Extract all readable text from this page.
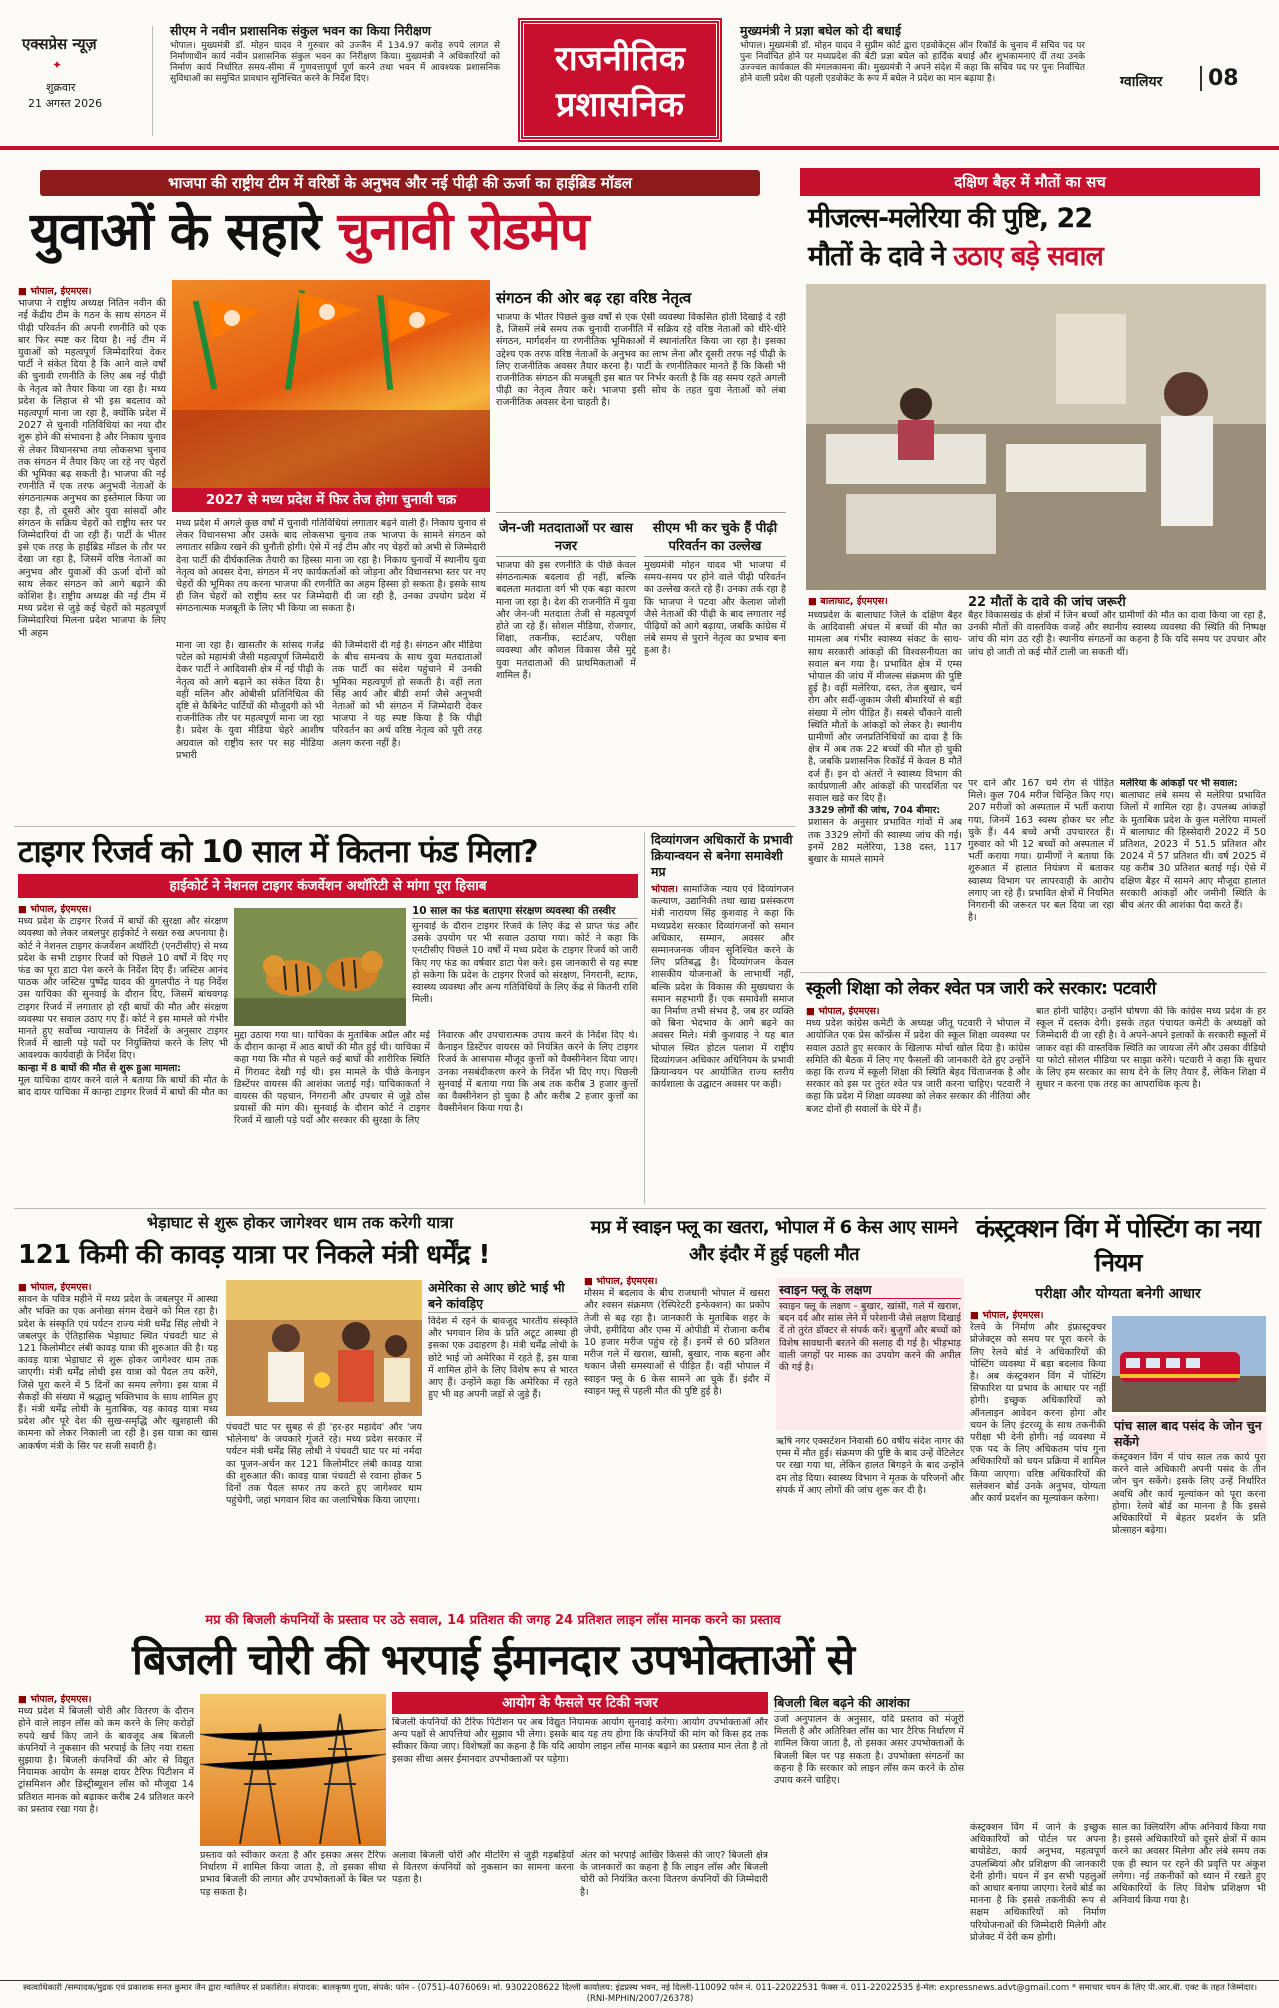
एक्सप्रेस न्यूज़
✦
शुक्रवार
21 अगस्त 2026
सीएम ने नवीन प्रशासनिक संकुल भवन का किया निरीक्षण
भोपाल। मुख्यमंत्री डॉ. मोहन यादव ने गुरुवार को उज्जैन में 134.97 करोड़ रुपये लागत से निर्माणाधीन कार्य नवीन प्रशासनिक संकुल भवन का निरीक्षण किया। मुख्यमंत्री ने अधिकारियों को निर्माण कार्य निर्धारित समय-सीमा में गुणवत्तापूर्ण पूर्ण करने तथा भवन में आवश्यक प्रशासनिक सुविधाओं का समुचित प्रावधान सुनिश्चित करने के निर्देश दिए।	राजनीतिक
प्रशासनिक
मुख्यमंत्री ने प्रज्ञा बघेल को दी बधाई
भोपाल। मुख्यमंत्री डॉ. मोहन यादव ने सुप्रीम कोर्ट द्वारा एडवोकेट्स ऑन रिकॉर्ड के चुनाव में सचिव पद पर पुनः निर्वाचित होने पर मध्यप्रदेश की बेटी प्रज्ञा बघेल को हार्दिक बधाई और शुभकामनाएं दीं तथा उनके उज्ज्वल कार्यकाल की मंगलकामना की। मुख्यमंत्री ने अपने संदेश में कहा कि सचिव पद पर पुनः निर्वाचित होने वाली प्रदेश की पहली एडवोकेट के रूप में बघेल ने प्रदेश का मान बढ़ाया है।	ग्वालियर	08
भाजपा की राष्ट्रीय टीम में वरिष्ठों के अनुभव और नई पीढ़ी की ऊर्जा का हाईब्रिड मॉडल
युवाओं के सहारे चुनावी रोडमेप
■ भोपाल, ईएमएस।
भाजपा ने राष्ट्रीय अध्यक्ष नितिन नवीन की नई केंद्रीय टीम के गठन के साथ संगठन में पीढ़ी परिवर्तन की अपनी रणनीति को एक बार फिर स्पष्ट कर दिया है। नई टीम में युवाओं को महत्वपूर्ण जिम्मेदारियां देकर पार्टी ने संकेत दिया है कि आने वाले वर्षों की चुनावी रणनीति के लिए अब नई पीढ़ी के नेतृत्व को तैयार किया जा रहा है। मध्य प्रदेश के लिहाज से भी इस बदलाव को महत्वपूर्ण माना जा रहा है, क्योंकि प्रदेश में 2027 से चुनावी गतिविधियां का नया दौर शुरू होने की संभावना है और निकाय चुनाव से लेकर विधानसभा तथा लोकसभा चुनाव तक संगठन में तैयार किए जा रहे नए चेहरों की भूमिका बढ़ सकती है। भाजपा की नई रणनीति में एक तरफ अनुभवी नेताओं के संगठनात्मक अनुभव का इस्तेमाल किया जा रहा है, तो दूसरी ओर युवा सांसदों और संगठन के सक्रिय चेहरों को राष्ट्रीय स्तर पर जिम्मेदारियां दी जा रही हैं। पार्टी के भीतर इसे एक तरह के हाईब्रिड मॉडल के तौर पर देखा जा रहा है, जिसमें वरिष्ठ नेताओं का अनुभव और युवाओं की ऊर्जा दोनों को साथ लेकर संगठन को आगे बढ़ाने की कोशिश है। राष्ट्रीय अध्यक्ष की नई टीम में मध्य प्रदेश से जुड़े कई चेहरों को महत्वपूर्ण जिम्मेदारियां मिलना प्रदेश भाजपा के लिए भी अहम
2027 से मध्य प्रदेश में फिर तेज होगा चुनावी चक्र
मध्य प्रदेश में अगले कुछ वर्षों में चुनावी गतिविधियां लगातार बढ़ने वाली हैं। निकाय चुनाव से लेकर विधानसभा और उसके बाद लोकसभा चुनाव तक भाजपा के सामने संगठन को लगातार सक्रिय रखने की चुनौती होगी। ऐसे में नई टीम और नए चेहरों को अभी से जिम्मेदारी देना पार्टी की दीर्घकालिक तैयारी का हिस्सा माना जा रहा है। निकाय चुनावों में स्थानीय युवा नेतृत्व को अवसर देना, संगठन में नए कार्यकर्ताओं को जोड़ना और विधानसभा स्तर पर नए चेहरों की भूमिका तय करना भाजपा की रणनीति का अहम हिस्सा हो सकता है। इसके साथ ही जिन चेहरों को राष्ट्रीय स्तर पर जिम्मेदारी दी जा रही है, उनका उपयोग प्रदेश में संगठनात्मक मजबूती के लिए भी किया जा सकता है।
माना जा रहा है। खासतौर के सांसद गजेंद्र पटेल को महामंत्री जैसी महत्वपूर्ण जिम्मेदारी देकर पार्टी ने आदिवासी क्षेत्र में नई पीढ़ी के नेतृत्व को आगे बढ़ाने का संकेत दिया है। वहीं मलिन और ओबीसी प्रतिनिधित्व की दृष्टि से कैबिनेट पार्टियों की मौजूदगी को भी राजनीतिक तौर पर महत्वपूर्ण माना जा रहा है। प्रदेश के युवा मीडिया चेहरे आशीष अग्रवाल को राष्ट्रीय स्तर पर सह मीडिया प्रभारी
की जिम्मेदारी दी गई है। संगठन और मीडिया के बीच समन्वय के साथ युवा मतदाताओं तक पार्टी का संदेश पहुंचाने में उनकी भूमिका महत्वपूर्ण हो सकती है। वहीं लता सिंह आर्य और बीडी शर्मा जैसे अनुभवी नेताओं को भी संगठन में जिम्मेदारी देकर भाजपा ने यह स्पष्ट किया है कि पीढ़ी परिवर्तन का अर्थ वरिष्ठ नेतृत्व को पूरी तरह अलग करना नहीं है।
संगठन की ओर बढ़ रहा वरिष्ठ नेतृत्व
भाजपा के भीतर पिछले कुछ वर्षों से एक ऐसी व्यवस्था विकसित होती दिखाई दे रही है, जिसमें लंबे समय तक चुनावी राजनीति में सक्रिय रहे वरिष्ठ नेताओं को धीरे-धीरे संगठन, मार्गदर्शन या रणनीतिक भूमिकाओं में स्थानांतरित किया जा रहा है। इसका उद्देश्य एक तरफ वरिष्ठ नेताओं के अनुभव का लाभ लेना और दूसरी तरफ नई पीढ़ी के लिए राजनीतिक अवसर तैयार करना है। पार्टी के रणनीतिकार मानते हैं कि किसी भी राजनीतिक संगठन की मजबूती इस बात पर निर्भर करती है कि वह समय रहते अगली पीढ़ी का नेतृत्व तैयार करे। भाजपा इसी सोच के तहत युवा नेताओं को लंबा राजनीतिक अवसर देना चाहती है।
जेन-जी मतदाताओं पर खास नजर
भाजपा की इस रणनीति के पीछे केवल संगठनात्मक बदलाव ही नहीं, बल्कि बदलता मतदाता वर्ग भी एक बड़ा कारण माना जा रहा है। देश की राजनीति में युवा और जेन-जी मतदाता तेजी से महत्वपूर्ण होते जा रहे हैं। सोशल मीडिया, रोजगार, शिक्षा, तकनीक, स्टार्टअप, परीक्षा व्यवस्था और कौशल विकास जैसे मुद्दे युवा मतदाताओं की प्राथमिकताओं में शामिल हैं।
सीएम भी कर चुके हैं पीढ़ी परिवर्तन का उल्लेख
मुख्यमंत्री मोहन यादव भी भाजपा में समय-समय पर होने वाले पीढ़ी परिवर्तन का उल्लेख करते रहे हैं। उनका तर्क रहा है कि भाजपा ने पटवा और केलाश जोशी जैसे नेताओं की पीढ़ी के बाद लगातार नई पीढ़ियों को आगे बढ़ाया, जबकि कांग्रेस में लंबे समय से पुराने नेतृत्व का प्रभाव बना हुआ है।
दक्षिण बैहर में मौतों का सच
मीजल्स-मलेरिया की पुष्टि, 22
मौतों के दावे ने उठाए बड़े सवाल
■ बालाघाट, ईएमएस।	22 मौतों के दावे की जांच जरूरी
बैहर विकासखंड के क्षेत्रों में जिन बच्चों और ग्रामीणों की मौत का दावा किया जा रहा है, उनकी मौतों की वास्तविक वजहें और स्थानीय स्वास्थ्य व्यवस्था की स्थिति की निष्पक्ष जांच की मांग उठ रही है। स्थानीय संगठनों का कहना है कि यदि समय पर उपचार और जांच हो जाती तो कई मौतें टाली जा सकती थीं।
मध्यप्रदेश के बालाघाट जिले के दक्षिण बैहर के आदिवासी अंचल में बच्चों की मौत का मामला अब गंभीर स्वास्थ्य संकट के साथ-साथ सरकारी आंकड़ों की विश्वसनीयता का सवाल बन गया है। प्रभावित क्षेत्र में एम्स भोपाल की जांच में मीजल्स संक्रमण की पुष्टि हुई है। वहीं मलेरिया, दस्त, तेज बुखार, चर्म रोग और सर्दी-जुकाम जैसी बीमारियों से बड़ी संख्या में लोग पीड़ित हैं। सबसे चौंकाने वाली स्थिति मौतों के आंकड़ों को लेकर है। स्थानीय ग्रामीणों और जनप्रतिनिधियों का दावा है कि क्षेत्र में अब तक 22 बच्चों की मौत हो चुकी है, जबकि प्रशासनिक रिकॉर्ड में केवल 8 मौतें दर्ज हैं। इन दो अंतरों ने स्वास्थ्य विभाग की कार्यप्रणाली और आंकड़ों की पारदर्शिता पर सवाल खड़े कर दिए हैं।
3329 लोगों की जांच, 704 बीमार:
प्रशासन के अनुसार प्रभावित गांवों में अब तक 3329 लोगों की स्वास्थ्य जांच की गई। इनमें 282 मलेरिया, 138 दस्त, 117 बुखार के मामले सामने
पर दाने और 167 चर्म रोग से पीड़ित मिले। कुल 704 मरीज चिन्हित किए गए। 207 मरीजों को अस्पताल में भर्ती कराया गया, जिनमें 163 स्वस्थ होकर घर लौट चुके हैं। 44 बच्चे अभी उपचाररत हैं। गुरुवार को भी 12 बच्चों को अस्पताल में भर्ती कराया गया। ग्रामीणों ने बताया कि शुरुआत में हालात नियंत्रण में बताकर स्वास्थ्य विभाग पर लापरवाही के आरोप लगाए जा रहे हैं। प्रभावित क्षेत्रों में नियमित निगरानी की जरूरत पर बल दिया जा रहा है।
मलेरिया के आंकड़ों पर भी सवाल:
बालाघाट लंबे समय से मलेरिया प्रभावित जिलों में शामिल रहा है। उपलब्ध आंकड़ों के मुताबिक प्रदेश के कुल मलेरिया मामलों में बालाघाट की हिस्सेदारी 2022 में 50 प्रतिशत, 2023 में 51.5 प्रतिशत और 2024 में 57 प्रतिशत थी। वर्ष 2025 में यह करीब 30 प्रतिशत बताई गई। ऐसे में दक्षिण बैहर में सामने आए मौजूदा हालात सरकारी आंकड़ों और जमीनी स्थिति के बीच अंतर की आशंका पैदा करते हैं।
टाइगर रिजर्व को 10 साल में कितना फंड मिला?
हाईकोर्ट ने नेशनल टाइगर कंजर्वेशन अथॉरिटी से मांगा पूरा हिसाब
■ भोपाल, ईएमएस।
मध्य प्रदेश के टाइगर रिजर्व में बाघों की सुरक्षा और संरक्षण व्यवस्था को लेकर जबलपुर हाईकोर्ट ने सख्त रुख अपनाया है। कोर्ट ने नेशनल टाइगर कंजर्वेशन अथॉरिटी (एनटीसीए) से मध्य प्रदेश के सभी टाइगर रिजर्व को पिछले 10 वर्षों में दिए गए फंड का पूरा डाटा पेश करने के निर्देश दिए हैं। जस्टिस आनंद पाठक और जस्टिस पुष्पेंद्र यादव की युगलपीठ ने यह निर्देश उस याचिका की सुनवाई के दौरान दिए, जिसमें बांधवगढ़ टाइगर रिजर्व में लगातार हो रही बाघों की मौत और संरक्षण व्यवस्था पर सवाल उठाए गए हैं। कोर्ट ने इस मामले को गंभीर मानते हुए सर्वोच्च न्यायालय के निर्देशों के अनुसार टाइगर रिजर्व में खाली पड़े पदों पर नियुक्तियां करने के लिए भी आवश्यक कार्यवाही के निर्देश दिए।
कान्हा में 8 बाघों की मौत से शुरू हुआ मामला:
मूल याचिका दायर करने वाले ने बताया कि बाघों की मौत के बाद दायर याचिका में कान्हा टाइगर रिजर्व में बाघों की मौत का
10 साल का फंड बताएगा संरक्षण व्यवस्था की तस्वीर
सुनवाई के दौरान टाइगर रिजर्व के लिए केंद्र से प्राप्त फंड और उसके उपयोग पर भी सवाल उठाया गया। कोर्ट ने कहा कि एनटीसीए पिछले 10 वर्षों में मध्य प्रदेश के टाइगर रिजर्व को जारी किए गए फंड का वर्षवार डाटा पेश करे। इस जानकारी से यह स्पष्ट हो सकेगा कि प्रदेश के टाइगर रिजर्व को संरक्षण, निगरानी, स्टाफ, स्वास्थ्य व्यवस्था और अन्य गतिविधियों के लिए केंद्र से कितनी राशि मिली।
मुद्दा उठाया गया था। याचिका के मुताबिक अप्रैल और मई के दौरान कान्हा में आठ बाघों की मौत हुई थी। याचिका में कहा गया कि मौत से पहले कई बाघों की शारीरिक स्थिति में गिरावट देखी गई थी। इस मामले के पीछे केनाइन डिस्टेंपर वायरस की आशंका जताई गई। याचिकाकर्ता ने वायरस की पहचान, निगरानी और उपचार से जुड़े ठोस प्रयासों की मांग की। सुनवाई के दौरान कोर्ट ने टाइगर रिजर्व में खाली पड़े पदों और सरकार की सुरक्षा के लिए
निवारक और उपचारात्मक उपाय करने के निर्देश दिए थे। कैनाइन डिस्टेंपर वायरस को नियंत्रित करने के लिए टाइगर रिजर्व के आसपास मौजूद कुत्तों को वैक्सीनेशन दिया जाए। उनका नसबंदीकरण करने के निर्देश भी दिए गए। पिछली सुनवाई में बताया गया कि अब तक करीब 3 हजार कुत्तों का वैक्सीनेशन हो चुका है और करीब 2 हजार कुत्तों का वैक्सीनेशन किया गया है।
दिव्यांगजन अधिकारों के प्रभावी क्रियान्वयन से बनेगा समावेशी मप्र
भोपाल। सामाजिक न्याय एवं दिव्यांगजन कल्याण, उद्यानिकी तथा खाद्य प्रसंस्करण मंत्री नारायण सिंह कुशवाह ने कहा कि मध्यप्रदेश सरकार दिव्यांगजनों को समान अधिकार, सम्मान, अवसर और सम्मानजनक जीवन सुनिश्चित करने के लिए प्रतिबद्ध है। दिव्यांगजन केवल शासकीय योजनाओं के लाभार्थी नहीं, बल्कि प्रदेश के विकास की मुख्यधारा के समान सहभागी हैं। एक समावेशी समाज का निर्माण तभी संभव है, जब हर व्यक्ति को बिना भेदभाव के आगे बढ़ने का अवसर मिले। मंत्री कुशवाह ने यह बात भोपाल स्थित होटल पलाश में राष्ट्रीय दिव्यांगजन अधिकार अधिनियम के प्रभावी क्रियान्वयन पर आयोजित राज्य स्तरीय कार्यशाला के उद्घाटन अवसर पर कही।
स्कूली शिक्षा को लेकर श्वेत पत्र जारी करे सरकार: पटवारी
■ भोपाल, ईएमएस।
मध्य प्रदेश कांग्रेस कमेटी के अध्यक्ष जीतू पटवारी ने भोपाल में आयोजित एक प्रेस कॉन्फ्रेंस में प्रदेश की स्कूल शिक्षा व्यवस्था पर सवाल उठाते हुए सरकार के खिलाफ मोर्चा खोल दिया है। कांग्रेस समिति की बैठक में लिए गए फैसलों की जानकारी देते हुए उन्होंने कहा कि राज्य में स्कूली शिक्षा की स्थिति बेहद चिंताजनक है और सरकार को इस पर तुरंत श्वेत पत्र जारी करना चाहिए। पटवारी ने कहा कि प्रदेश में शिक्षा व्यवस्था को लेकर सरकार की नीतियां और बजट दोनों ही सवालों के घेरे में हैं।
बात होनी चाहिए। उन्होंने घोषणा की कि कांग्रेस मध्य प्रदेश के हर स्कूल में दस्तक देगी। इसके तहत पंचायत कमेटी के अध्यक्षों को जिम्मेदारी दी जा रही है। वे अपने-अपने इलाकों के सरकारी स्कूलों में जाकर वहां की वास्तविक स्थिति का जायजा लेंगे और उसका वीडियो या फोटो सोशल मीडिया पर साझा करेंगे। पटवारी ने कहा कि सुधार के लिए हम सरकार का साथ देने के लिए तैयार हैं, लेकिन शिक्षा में सुधार न करना एक तरह का आपराधिक कृत्य है।
भेड़ाघाट से शुरू होकर जागेश्वर धाम तक करेगी यात्रा
121 किमी की कावड़ यात्रा पर निकले मंत्री धर्मेंद्र !
■ भोपाल, ईएमएस।
सावन के पवित्र महीने में मध्य प्रदेश के जबलपुर में आस्था और भक्ति का एक अनोखा संगम देखने को मिल रहा है। प्रदेश के संस्कृति एवं पर्यटन राज्य मंत्री धर्मेंद्र सिंह लोधी ने जबलपुर के ऐतिहासिक भेड़ाघाट स्थित पंचवटी घाट से 121 किलोमीटर लंबी कावड़ यात्रा की शुरुआत की है। यह कावड़ यात्रा भेड़ाघाट से शुरू होकर जागेश्वर धाम तक जाएगी। मंत्री धर्मेंद्र लोधी इस यात्रा को पैदल तय करेंगे, जिसे पूरा करने में 5 दिनों का समय लगेगा। इस यात्रा में सैकड़ों की संख्या में श्रद्धालु भक्तिभाव के साथ शामिल हुए हैं। मंत्री धर्मेंद्र लोधी के मुताबिक, यह कावड़ यात्रा मध्य प्रदेश और पूरे देश की सुख-समृद्धि और खुशहाली की कामना को लेकर निकाली जा रही है। इस यात्रा का खास आकर्षण मंत्री के सिर पर सजी सवारी है।
पंचवटी घाट पर सुबह से ही 'हर-हर महादेव' और 'जय भोलेनाथ' के जयकारे गूंजते रहे। मध्य प्रदेश सरकार में पर्यटन मंत्री धर्मेंद्र सिंह लोधी ने पंचवटी घाट पर मां नर्मदा का पूजन-अर्चन कर 121 किलोमीटर लंबी कावड़ यात्रा की शुरुआत की। कावड़ यात्रा पंचवटी से रवाना होकर 5 दिनों तक पैदल सफर तय करते हुए जागेश्वर धाम पहुंचेगी, जहां भगवान शिव का जलाभिषेक किया जाएगा।
अमेरिका से आए छोटे भाई भी बने कांवड़िए
विदेश में रहने के बावजूद भारतीय संस्कृति और भगवान शिव के प्रति अटूट आस्था ही इसका एक उदाहरण है। मंत्री धर्मेंद्र लोधी के छोटे भाई जो अमेरिका में रहते हैं, इस यात्रा में शामिल होने के लिए विशेष रूप से भारत आए हैं। उन्होंने कहा कि अमेरिका में रहते हुए भी वह अपनी जड़ों से जुड़े हैं।
मप्र में स्वाइन फ्लू का खतरा, भोपाल में 6 केस आए सामने और इंदौर में हुई पहली मौत
■ भोपाल, ईएमएस।
मौसम में बदलाव के बीच राजधानी भोपाल में खसरा और श्वसन संक्रमण (रेस्पिरेटरी इन्फेक्शन) का प्रकोप तेजी से बढ़ रहा है। जानकारी के मुताबिक शहर के जेपी, हमीदिया और एम्स में ओपीडी में रोजाना करीब 10 हजार मरीज पहुंच रहे हैं। इनमें से 60 प्रतिशत मरीज गले में खराश, खांसी, बुखार, नाक बहना और थकान जैसी समस्याओं से पीड़ित हैं। वहीं भोपाल में स्वाइन फ्लू के 6 केस सामने आ चुके हैं। इंदौर में स्वाइन फ्लू से पहली मौत की पुष्टि हुई है।
स्वाइन फ्लू के लक्षण
स्वाइन फ्लू के लक्षण - बुखार, खांसी, गले में खराश, बदन दर्द और सांस लेने में परेशानी जैसे लक्षण दिखाई दें तो तुरंत डॉक्टर से संपर्क करें। बुजुर्गों और बच्चों को विशेष सावधानी बरतने की सलाह दी गई है। भीड़भाड़ वाली जगहों पर मास्क का उपयोग करने की अपील की गई है।
ऋषि नगर एक्सटेंशन निवासी 60 वर्षीय संदेश नागर की एम्स में मौत हुई। संक्रमण की पुष्टि के बाद उन्हें वेंटिलेटर पर रखा गया था, लेकिन हालत बिगड़ने के बाद उन्होंने दम तोड़ दिया। स्वास्थ्य विभाग ने मृतक के परिजनों और संपर्क में आए लोगों की जांच शुरू कर दी है।
कंस्ट्रक्शन विंग में पोस्टिंग का नया नियम
परीक्षा और योग्यता बनेगी आधार
■ भोपाल, ईएमएस।
रेलवे के निर्माण और इंफ्रास्ट्रक्चर प्रोजेक्ट्स को समय पर पूरा करने के लिए रेलवे बोर्ड ने अधिकारियों की पोस्टिंग व्यवस्था में बड़ा बदलाव किया है। अब कंस्ट्रक्शन विंग में पोस्टिंग सिफारिश या प्रभाव के आधार पर नहीं होगी। इच्छुक अधिकारियों को ऑनलाइन आवेदन करना होगा और चयन के लिए इंटरव्यू के साथ तकनीकी परीक्षा भी देनी होगी। नई व्यवस्था में एक पद के लिए अधिकतम पांच गुना अधिकारियों को चयन प्रक्रिया में शामिल किया जाएगा। वरिष्ठ अधिकारियों की सलेक्शन बोर्ड उनके अनुभव, योग्यता और कार्य प्रदर्शन का मूल्यांकन करेगा।
पांच साल बाद पसंद के जोन चुन सकेंगे
कंस्ट्रक्शन विंग में पांच साल तक कार्य पूरा करने वाले अधिकारी अपनी पसंद के तीन जोन चुन सकेंगे। इसके लिए उन्हें निर्धारित अवधि और कार्य मूल्यांकन को पूरा करना होगा। रेलवे बोर्ड का मानना है कि इससे अधिकारियों में बेहतर प्रदर्शन के प्रति प्रोत्साहन बढ़ेगा।
कंस्ट्रक्शन विंग में जाने के इच्छुक अधिकारियों को पोर्टल पर अपना बायोडेटा, कार्य अनुभव, महत्वपूर्ण उपलब्धियां और प्रशिक्षण की जानकारी देनी होगी। चयन में इन सभी पहलुओं को आधार बनाया जाएगा। रेलवे बोर्ड का मानना है कि इससे तकनीकी रूप से सक्षम अधिकारियों को निर्माण परियोजनाओं की जिम्मेदारी मिलेगी और प्रोजेक्ट में देरी कम होगी।
मप्र की बिजली कंपनियों के प्रस्ताव पर उठे सवाल, 14 प्रतिशत की जगह 24 प्रतिशत लाइन लॉस मानक करने का प्रस्ताव
बिजली चोरी की भरपाई ईमानदार उपभोक्ताओं से
■ भोपाल, ईएमएस।
मध्य प्रदेश में बिजली चोरी और वितरण के दौरान होने वाले लाइन लॉस को कम करने के लिए करोड़ों रुपये खर्च किए जाने के बावजूद अब बिजली कंपनियों ने नुकसान की भरपाई के लिए नया रास्ता सुझाया है। बिजली कंपनियों की ओर से विद्युत नियामक आयोग के समक्ष दायर टैरिफ पिटीशन में ट्रांसमिशन और डिस्ट्रीब्यूशन लॉस को मौजूदा 14 प्रतिशत मानक को बढ़ाकर करीब 24 प्रतिशत करने का प्रस्ताव रखा गया है।
आयोग के फैसले पर टिकी नजर
बिजली कंपनियों की टैरिफ पिटीशन पर अब विद्युत नियामक आयोग सुनवाई करेगा। आयोग उपभोक्ताओं और अन्य पक्षों से आपत्तियां और सुझाव भी लेगा। इसके बाद यह तय होगा कि कंपनियों की मांग को किस हद तक स्वीकार किया जाए। विशेषज्ञों का कहना है कि यदि आयोग लाइन लॉस मानक बढ़ाने का प्रस्ताव मान लेता है तो इसका सीधा असर ईमानदार उपभोक्ताओं पर पड़ेगा।
प्रस्ताव को स्वीकार करता है और इसका असर टैरिफ निर्धारण में शामिल किया जाता है, तो इसका सीधा प्रभाव बिजली की लागत और उपभोक्ताओं के बिल पर पड़ सकता है।
अलावा बिजली चोरी और मीटरिंग से जुड़ी गड़बड़ियों से वितरण कंपनियों को नुकसान का सामना करना पड़ता है।
अंतर को भरपाई आखिर किससे की जाए? बिजली क्षेत्र के जानकारों का कहना है कि लाइन लॉस और बिजली चोरी को नियंत्रित करना वितरण कंपनियों की जिम्मेदारी है।
बिजली बिल बढ़ने की आशंका
उर्जा अनुपालन के अनुसार, यदि प्रस्ताव को मंजूरी मिलती है और अतिरिक्त लॉस का भार टैरिफ निर्धारण में शामिल किया जाता है, तो इसका असर उपभोक्ताओं के बिजली बिल पर पड़ सकता है। उपभोक्ता संगठनों का कहना है कि सरकार को लाइन लॉस कम करने के ठोस उपाय करने चाहिए।
साल का क्लियरिंग ऑफ अनिवार्य किया गया है। इससे अधिकारियों को दूसरे क्षेत्रों में काम करने का अवसर मिलेगा और लंबे समय तक एक ही स्थान पर रहने की प्रवृत्ति पर अंकुश लगेगा। नई तकनीकों को ध्यान में रखते हुए अधिकारियों के लिए विशेष प्रशिक्षण भी अनिवार्य किया गया है।
स्वत्वाधिकारी /सम्पादक/मुद्रक एवं प्रकाशक सनत कुमार जैन द्वारा ग्वालियर से प्रकाशित। संपादक: बालकृष्ण गुप्ता, संपर्क: फोन - (0751)-4076069। मो. 9302208622 दिल्ली कार्यालय: इंद्रप्रस्थ भवन, नई दिल्ली-110092 फोन नं. 011-22022531 फैक्स नं. 011-22022535 ई-मेल: expressnews.advt@gmail.com * समाचार चयन के लिए पी.आर.बी. एक्ट के तहत जिम्मेदार। (RNI-MPHIN/2007/26378)
